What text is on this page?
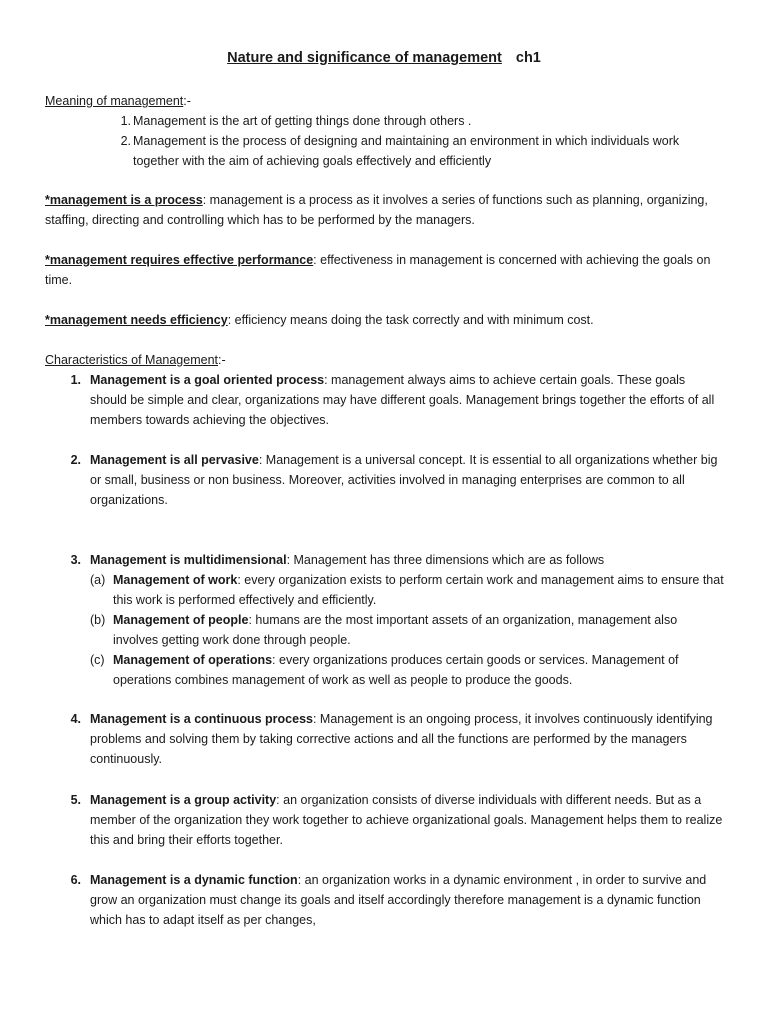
Nature and significance of management ch1
Meaning of management:-
1. Management is the art of getting things done through others .
2. Management is the process of designing and maintaining an environment in which individuals work together with the aim of achieving goals effectively and efficiently
*management is a process: management is a process as it involves a series of functions such as planning, organizing, staffing, directing and controlling which has to be performed by the managers.
*management requires effective performance: effectiveness in management is concerned with achieving the goals on time.
*management needs efficiency: efficiency means doing the task correctly and with minimum cost.
Characteristics of Management:-
1. Management is a goal oriented process: management always aims to achieve certain goals. These goals should be simple and clear, organizations may have different goals. Management brings together the efforts of all members towards achieving the objectives.
2. Management is all pervasive: Management is a universal concept. It is essential to all organizations whether big or small, business or non business. Moreover, activities involved in managing enterprises are common to all organizations.
3. Management is multidimensional: Management has three dimensions which are as follows
(a) Management of work: every organization exists to perform certain work and management aims to ensure that this work is performed effectively and efficiently.
(b) Management of people: humans are the most important assets of an organization, management also involves getting work done through people.
(c) Management of operations: every organizations produces certain goods or services. Management of operations combines management of work as well as people to produce the goods.
4. Management is a continuous process: Management is an ongoing process, it involves continuously identifying problems and solving them by taking corrective actions and all the functions are performed by the managers continuously.
5. Management is a group activity: an organization consists of diverse individuals with different needs. But as a member of the organization they work together to achieve organizational goals. Management helps them to realize this and bring their efforts together.
6. Management is a dynamic function: an organization works in a dynamic environment , in order to survive and grow an organization must change its goals and itself accordingly therefore management is a dynamic function which has to adapt itself as per changes,
